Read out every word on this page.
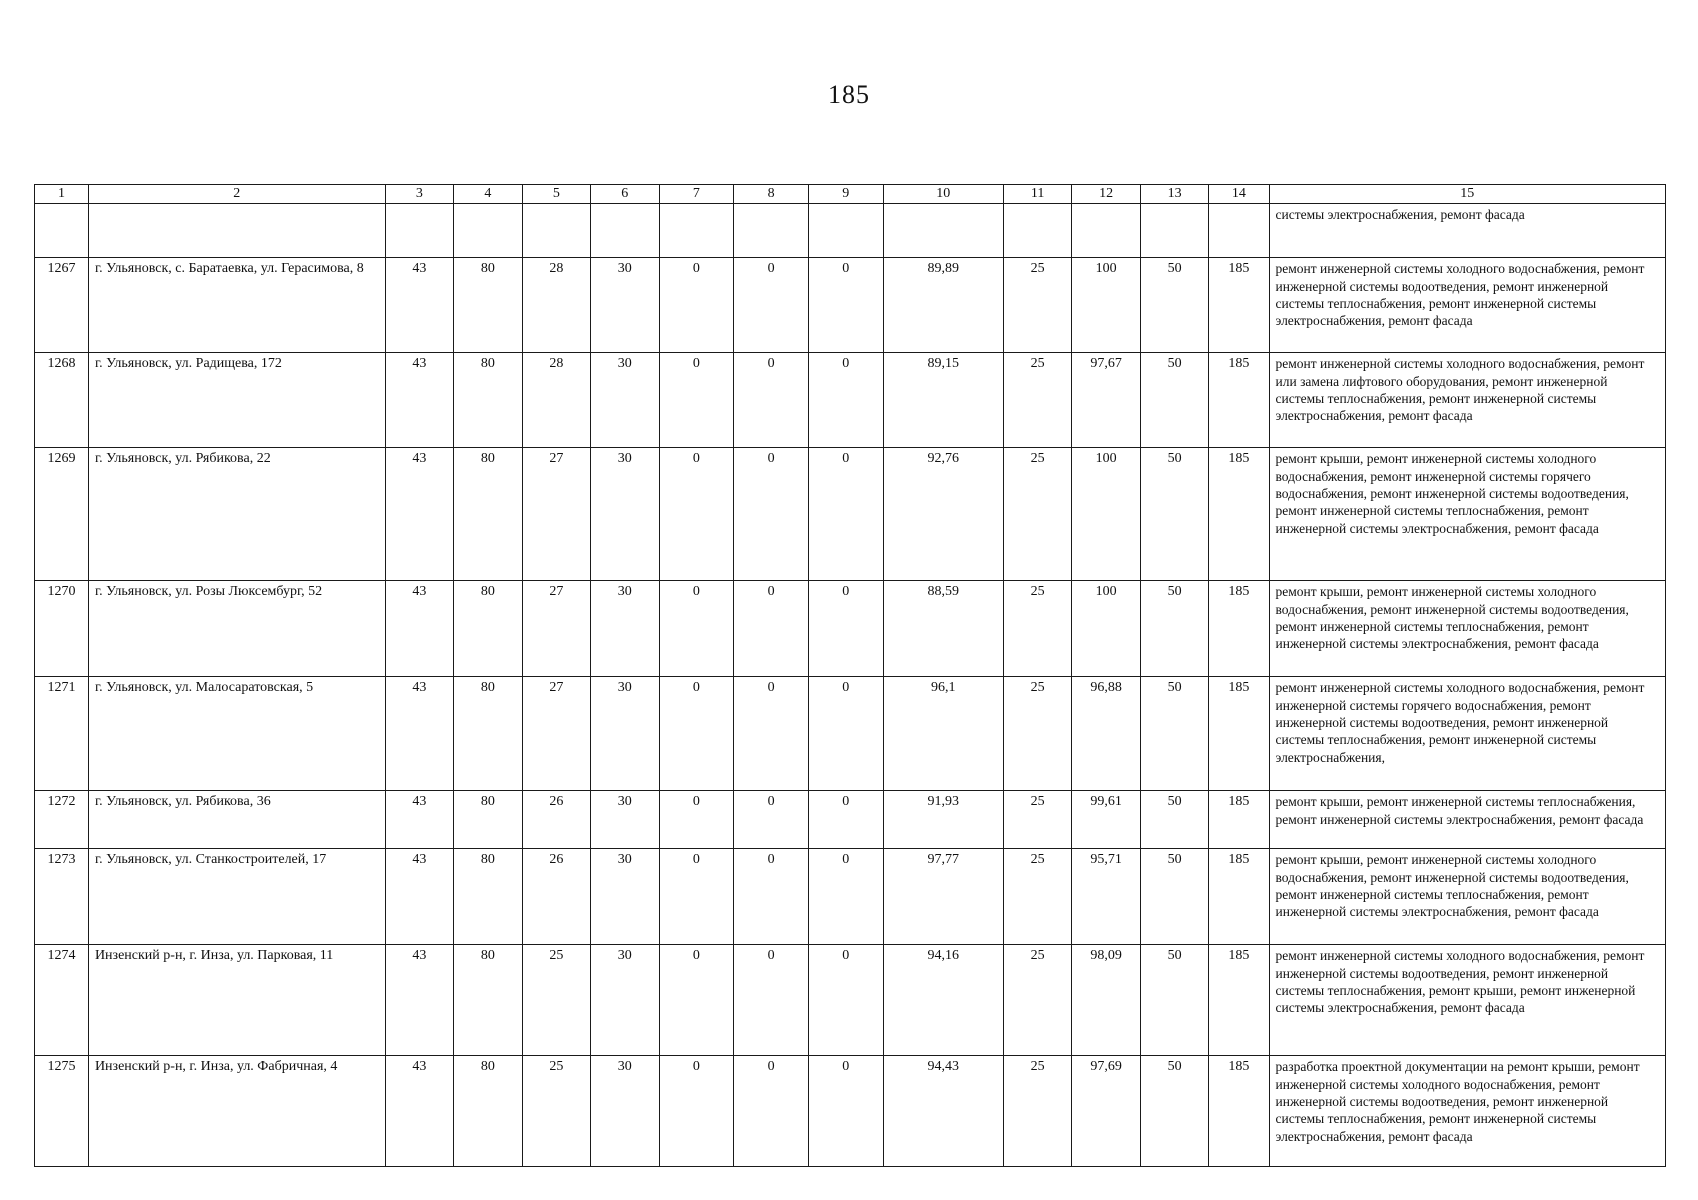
185
1	2	3	4	5	6	7	8	9	10	11	12	13	14	15
														системы электроснабжения, ремонт фасада
1267	г. Ульяновск, с. Баратаевка, ул. Герасимова, 8	43	80	28	30	0	0	0	89,89	25	100	50	185	ремонт инженерной системы холодного водоснабжения, ремонт инженерной системы водоотведения, ремонт инженерной системы теплоснабжения, ремонт инженерной системы электроснабжения, ремонт фасада
1268	г. Ульяновск, ул. Радищева, 172	43	80	28	30	0	0	0	89,15	25	97,67	50	185	ремонт инженерной системы холодного водоснабжения, ремонт или замена лифтового оборудования, ремонт инженерной системы теплоснабжения, ремонт инженерной системы электроснабжения, ремонт фасада
1269	г. Ульяновск, ул. Рябикова, 22	43	80	27	30	0	0	0	92,76	25	100	50	185	ремонт крыши, ремонт инженерной системы холодного водоснабжения, ремонт инженерной системы горячего водоснабжения, ремонт инженерной системы водоотведения, ремонт инженерной системы теплоснабжения, ремонт инженерной системы электроснабжения, ремонт фасада
1270	г. Ульяновск, ул. Розы Люксембург, 52	43	80	27	30	0	0	0	88,59	25	100	50	185	ремонт крыши, ремонт инженерной системы холодного водоснабжения, ремонт инженерной системы водоотведения, ремонт инженерной системы теплоснабжения, ремонт инженерной системы электроснабжения, ремонт фасада
1271	г. Ульяновск, ул. Малосаратовская, 5	43	80	27	30	0	0	0	96,1	25	96,88	50	185	ремонт инженерной системы холодного водоснабжения, ремонт инженерной системы горячего водоснабжения, ремонт инженерной системы водоотведения, ремонт инженерной системы теплоснабжения, ремонт инженерной системы электроснабжения,
1272	г. Ульяновск, ул. Рябикова, 36	43	80	26	30	0	0	0	91,93	25	99,61	50	185	ремонт крыши, ремонт инженерной системы теплоснабжения, ремонт инженерной системы электроснабжения, ремонт фасада
1273	г. Ульяновск, ул. Станкостроителей, 17	43	80	26	30	0	0	0	97,77	25	95,71	50	185	ремонт крыши, ремонт инженерной системы холодного водоснабжения, ремонт инженерной системы водоотведения, ремонт инженерной системы теплоснабжения, ремонт инженерной системы электроснабжения, ремонт фасада
1274	Инзенский р-н, г. Инза, ул. Парковая, 11	43	80	25	30	0	0	0	94,16	25	98,09	50	185	ремонт инженерной системы холодного водоснабжения, ремонт инженерной системы водоотведения, ремонт инженерной системы теплоснабжения, ремонт крыши, ремонт инженерной системы электроснабжения, ремонт фасада
1275	Инзенский р-н, г. Инза, ул. Фабричная, 4	43	80	25	30	0	0	0	94,43	25	97,69	50	185	разработка проектной документации на ремонт крыши, ремонт инженерной системы холодного водоснабжения, ремонт инженерной системы водоотведения, ремонт инженерной системы теплоснабжения, ремонт инженерной системы электроснабжения, ремонт фасада
